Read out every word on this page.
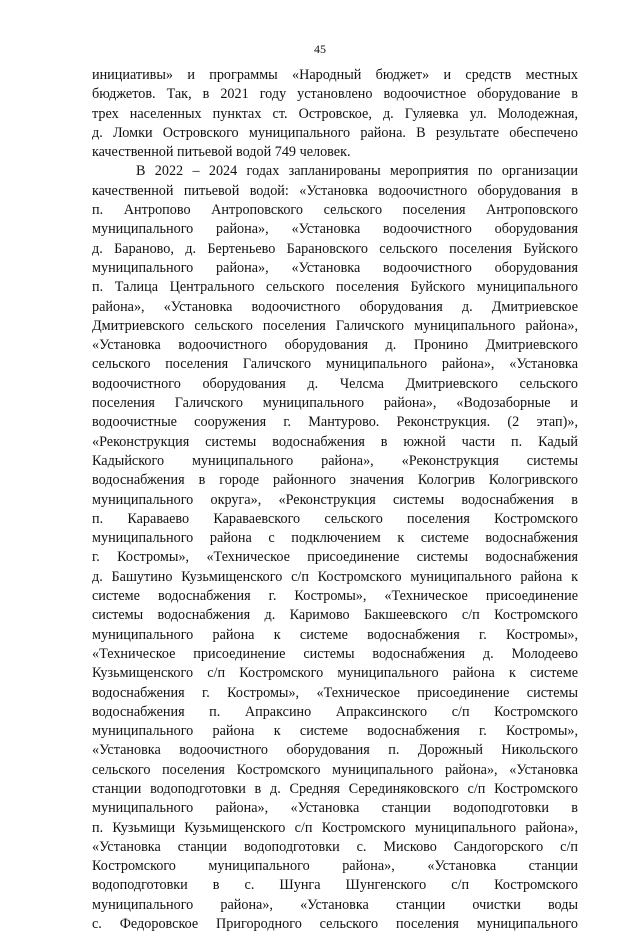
45
инициативы» и программы «Народный бюджет» и средств местных
бюджетов. Так, в 2021 году установлено водоочистное оборудование в
трех населенных пунктах ст. Островское, д. Гуляевка ул. Молодежная,
д. Ломки Островского муниципального района. В результате обеспечено
качественной питьевой водой 749 человек.
В 2022 – 2024 годах запланированы мероприятия по организации
качественной питьевой водой: «Установка водоочистного оборудования в
п. Антропово Антроповского сельского поселения Антроповского
муниципального района», «Установка водоочистного оборудования
д. Бараново, д. Бертеньево Барановского сельского поселения Буйского
муниципального района», «Установка водоочистного оборудования
п. Талица Центрального сельского поселения Буйского муниципального
района», «Установка водоочистного оборудования д. Дмитриевское
Дмитриевского сельского поселения Галичского муниципального района»,
«Установка водоочистного оборудования д. Пронино Дмитриевского
сельского поселения Галичского муниципального района», «Установка
водоочистного оборудования д. Челсма Дмитриевского сельского
поселения Галичского муниципального района», «Водозаборные и
водоочистные сооружения г. Мантурово. Реконструкция. (2 этап)»,
«Реконструкция системы водоснабжения в южной части п. Кадый
Кадыйского муниципального района», «Реконструкция системы
водоснабжения в городе районного значения Кологрив Кологривского
муниципального округа», «Реконструкция системы водоснабжения в
п. Караваево Караваевского сельского поселения Костромского
муниципального района с подключением к системе водоснабжения
г. Костромы», «Техническое присоединение системы водоснабжения
д. Башутино Кузьмищенского с/п Костромского муниципального района к
системе водоснабжения г. Костромы», «Техническое присоединение
системы водоснабжения д. Каримово Бакшеевского с/п Костромского
муниципального района к системе водоснабжения г. Костромы»,
«Техническое присоединение системы водоснабжения д. Молодеево
Кузьмищенского с/п Костромского муниципального района к системе
водоснабжения г. Костромы», «Техническое присоединение системы
водоснабжения п. Апраксино Апраксинского с/п Костромского
муниципального района к системе водоснабжения г. Костромы»,
«Установка водоочистного оборудования п. Дорожный Никольского
сельского поселения Костромского муниципального района», «Установка
станции водоподготовки в д. Средняя Серединяковского с/п Костромского
муниципального района», «Установка станции водоподготовки в
п. Кузьмищи Кузьмищенского с/п Костромского муниципального района»,
«Установка станции водоподготовки с. Мисково Сандогорского с/п
Костромского муниципального района», «Установка станции
водоподготовки в с. Шунга Шунгенского с/п Костромского
муниципального района», «Установка станции очистки воды
с. Федоровское Пригородного сельского поселения муниципального
